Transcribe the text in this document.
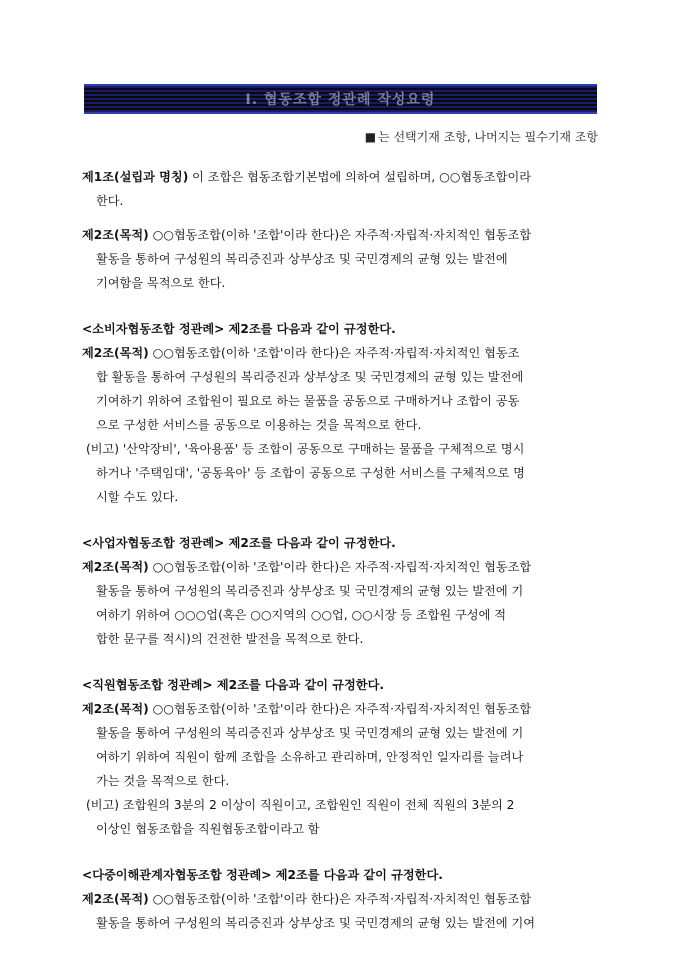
Ⅰ. 협동조합 정관례 작성요령
■ 는 선택기재 조항, 나머지는 필수기재 조항

제1조(설립과 명칭) 이 조합은 협동조합기본법에 의하여 설립하며, ○○협동조합이라

한다.

제2조(목적) ○○협동조합(이하 '조합'이라 한다)은 자주적·자립적·자치적인 협동조합

활동을 통하여 구성원의 복리증진과 상부상조 및 국민경제의 균형 있는 발전에

기여함을 목적으로 한다.

<소비자협동조합 정관례> 제2조를 다음과 같이 규정한다.

제2조(목적) ○○협동조합(이하 '조합'이라 한다)은 자주적·자립적·자치적인 협동조

합 활동을 통하여 구성원의 복리증진과 상부상조 및 국민경제의 균형 있는 발전에

기여하기 위하여 조합원이 필요로 하는 물품을 공동으로 구매하거나 조합이 공동

으로 구성한 서비스를 공동으로 이용하는 것을 목적으로 한다.

(비고) '산악장비', '육아용품' 등 조합이 공동으로 구매하는 물품을 구체적으로 명시

하거나 '주택임대', '공동육아' 등 조합이 공동으로 구성한 서비스를 구체적으로 명

시할 수도 있다.

<사업자협동조합 정관례> 제2조를 다음과 같이 규정한다.

제2조(목적) ○○협동조합(이하 '조합'이라 한다)은 자주적·자립적·자치적인 협동조합

활동을 통하여 구성원의 복리증진과 상부상조 및 국민경제의 균형 있는 발전에 기

여하기 위하여 ○○○업(혹은 ○○지역의 ○○업, ○○시장 등 조합원 구성에 적

합한 문구를 적시)의 건전한 발전을 목적으로 한다.

<직원협동조합 정관례> 제2조를 다음과 같이 규정한다.

제2조(목적) ○○협동조합(이하 '조합'이라 한다)은 자주적·자립적·자치적인 협동조합

활동을 통하여 구성원의 복리증진과 상부상조 및 국민경제의 균형 있는 발전에 기

여하기 위하여 직원이 함께 조합을 소유하고 관리하며, 안정적인 일자리를 늘려나

가는 것을 목적으로 한다.

(비고) 조합원의 3분의 2 이상이 직원이고, 조합원인 직원이 전체 직원의 3분의 2

이상인 협동조합을 직원협동조합이라고 함

<다중이해관계자협동조합 정관례> 제2조를 다음과 같이 규정한다.

제2조(목적) ○○협동조합(이하 '조합'이라 한다)은 자주적·자립적·자치적인 협동조합

활동을 통하여 구성원의 복리증진과 상부상조 및 국민경제의 균형 있는 발전에 기여
